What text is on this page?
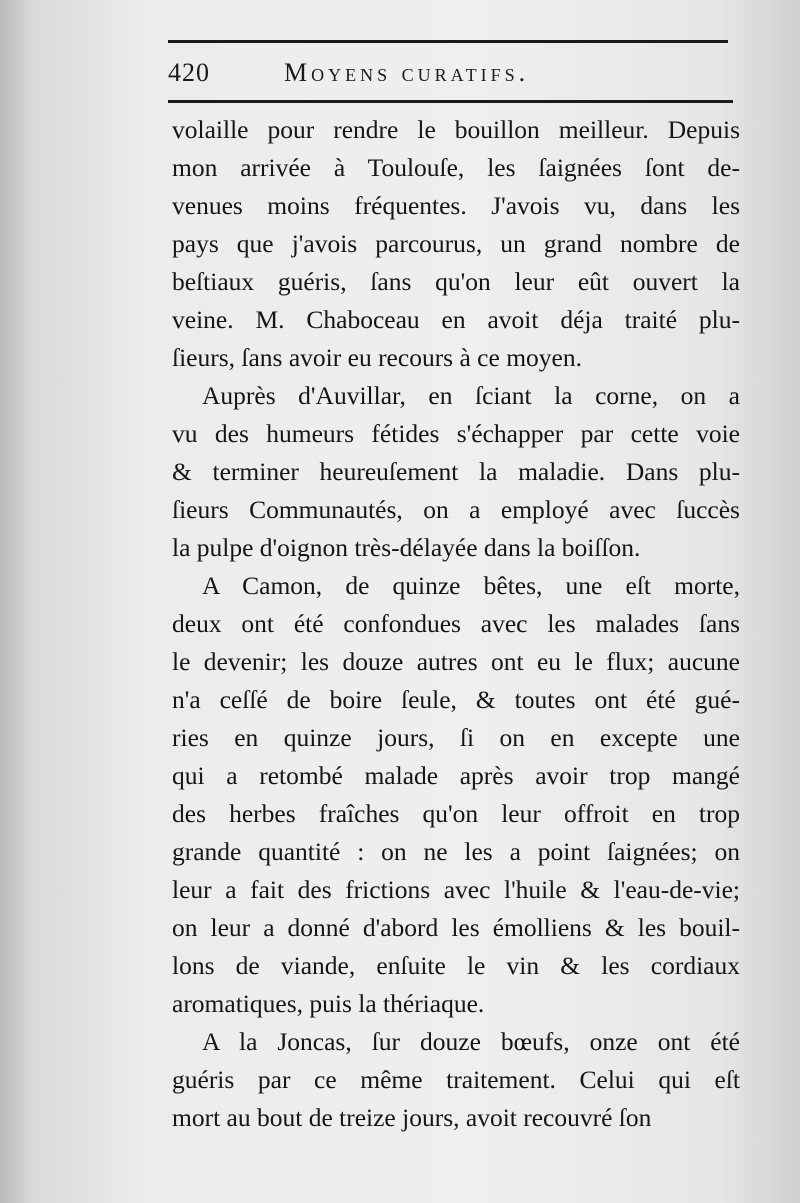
420	Moyens curatifs.
volaille pour rendre le bouillon meilleur. Depuis
mon arrivée à Toulouſe, les ſaignées ſont de-
venues moins fréquentes. J'avois vu, dans les
pays que j'avois parcourus, un grand nombre de
beſtiaux guéris, ſans qu'on leur eût ouvert la
veine. M. Chaboceau en avoit déja traité plu-
ſieurs, ſans avoir eu recours à ce moyen.
Auprès d'Auvillar, en ſciant la corne, on a
vu des humeurs fétides s'échapper par cette voie
& terminer heureuſement la maladie. Dans plu-
ſieurs Communautés, on a employé avec ſuccès
la pulpe d'oignon très-délayée dans la boiſſon.
A Camon, de quinze bêtes, une eſt morte,
deux ont été confondues avec les malades ſans
le devenir; les douze autres ont eu le flux; aucune
n'a ceſſé de boire ſeule, & toutes ont été gué-
ries en quinze jours, ſi on en excepte une
qui a retombé malade après avoir trop mangé
des herbes fraîches qu'on leur offroit en trop
grande quantité : on ne les a point ſaignées; on
leur a fait des frictions avec l'huile & l'eau-de-vie;
on leur a donné d'abord les émolliens & les bouil-
lons de viande, enſuite le vin & les cordiaux
aromatiques, puis la thériaque.
A la Joncas, ſur douze bœufs, onze ont été
guéris par ce même traitement. Celui qui eſt
mort au bout de treize jours, avoit recouvré ſon
